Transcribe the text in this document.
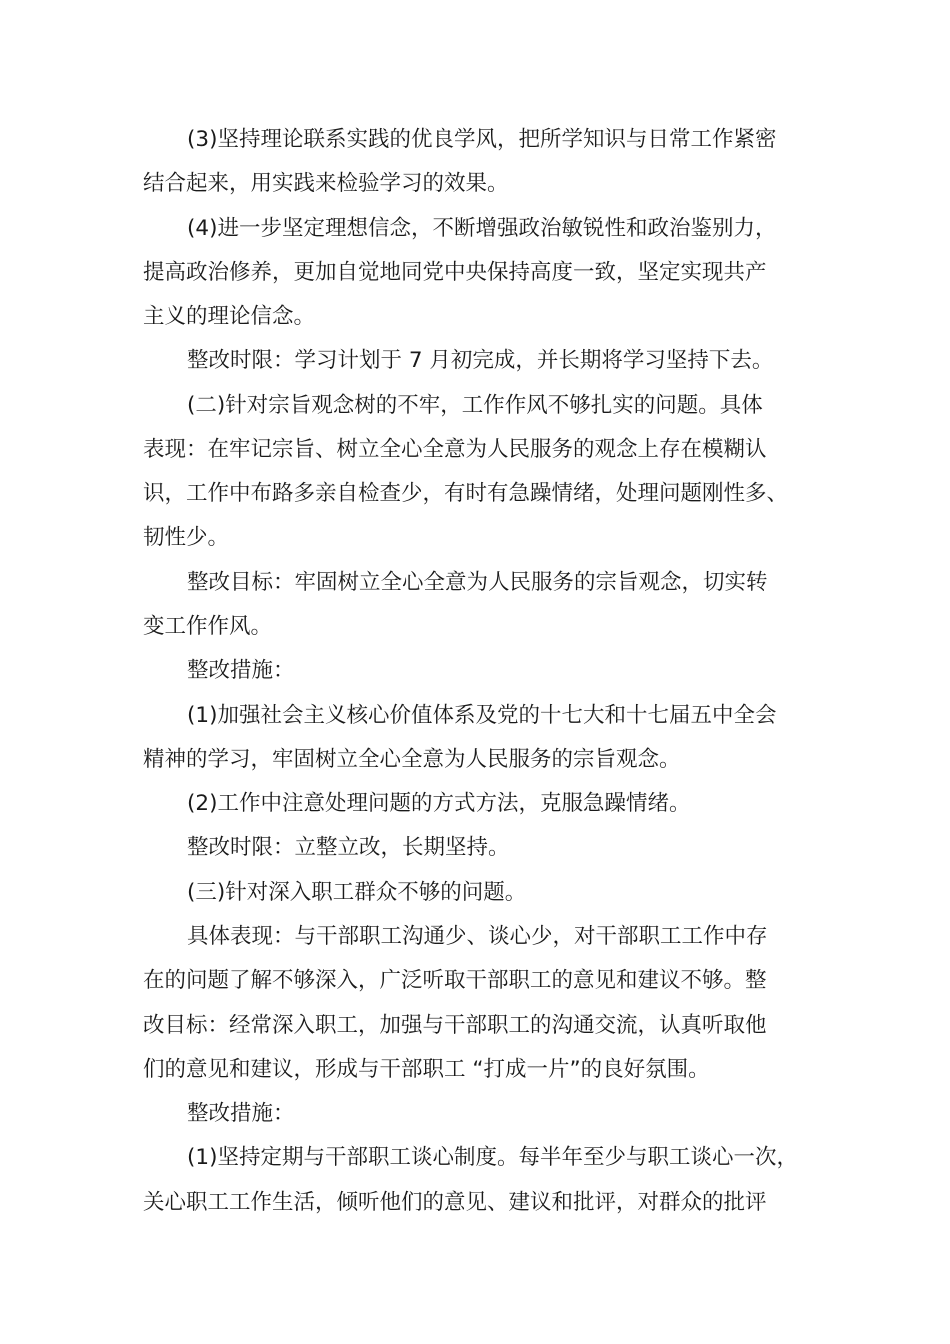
(3)坚持理论联系实践的优良学风，把所学知识与日常工作紧密
结合起来，用实践来检验学习的效果。
(4)进一步坚定理想信念，不断增强政治敏锐性和政治鉴别力，
提高政治修养，更加自觉地同党中央保持高度一致，坚定实现共产
主义的理论信念。
整改时限：学习计划于 7 月初完成，并长期将学习坚持下去。
(二)针对宗旨观念树的不牢，工作作风不够扎实的问题。具体
表现：在牢记宗旨、树立全心全意为人民服务的观念上存在模糊认
识，工作中布路多亲自检查少，有时有急躁情绪，处理问题刚性多、
韧性少。
整改目标：牢固树立全心全意为人民服务的宗旨观念，切实转
变工作作风。
整改措施：
(1)加强社会主义核心价值体系及党的十七大和十七届五中全会
精神的学习，牢固树立全心全意为人民服务的宗旨观念。
(2)工作中注意处理问题的方式方法，克服急躁情绪。
整改时限：立整立改，长期坚持。
(三)针对深入职工群众不够的问题。
具体表现：与干部职工沟通少、谈心少，对干部职工工作中存
在的问题了解不够深入，广泛听取干部职工的意见和建议不够。整
改目标：经常深入职工，加强与干部职工的沟通交流，认真听取他
们的意见和建议，形成与干部职工 “打成一片”的良好氛围。
整改措施：
(1)坚持定期与干部职工谈心制度。每半年至少与职工谈心一次，
关心职工工作生活，倾听他们的意见、建议和批评，对群众的批评
